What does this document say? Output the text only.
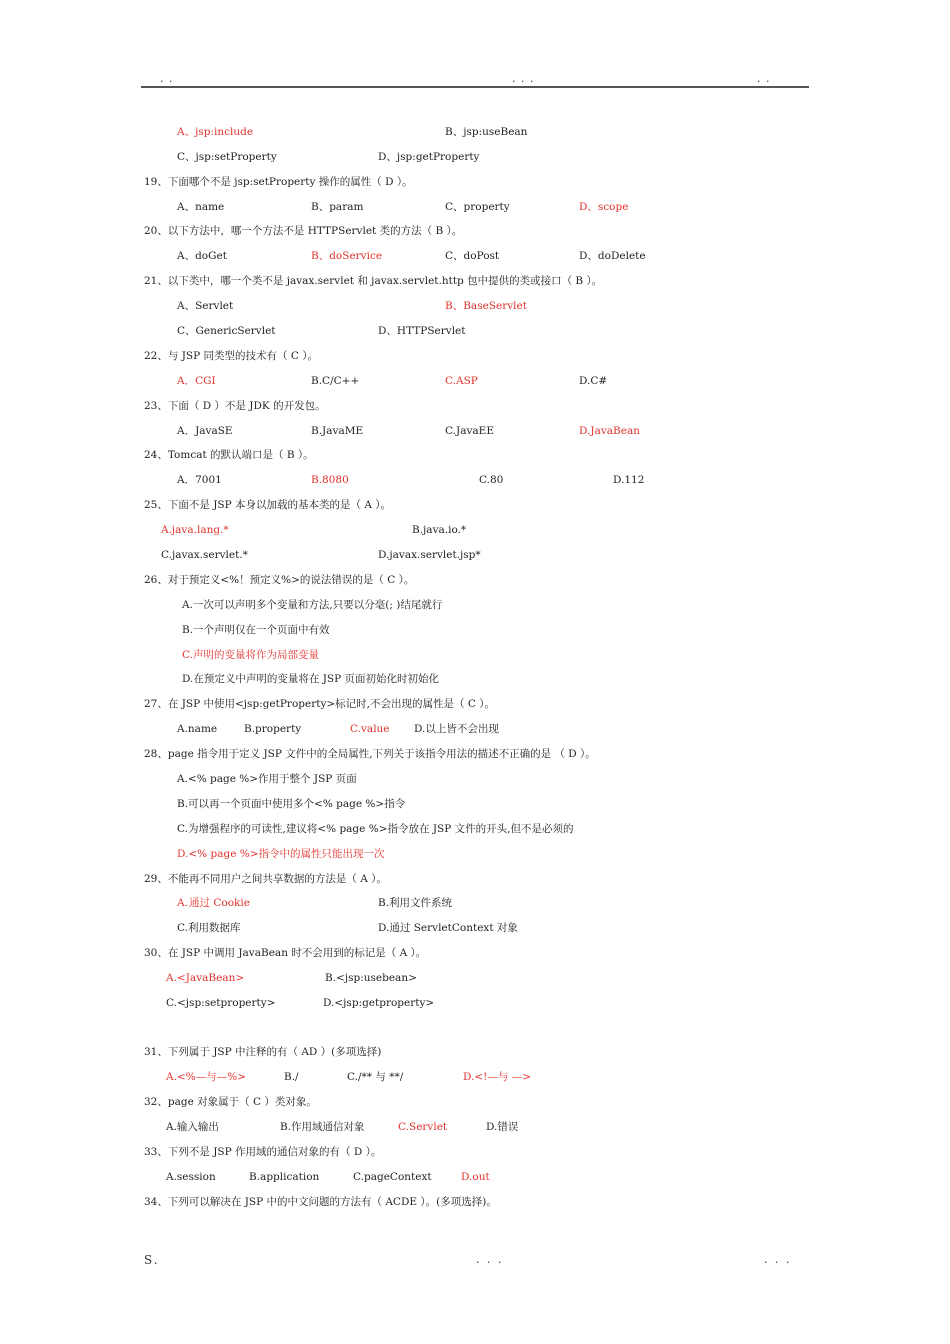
. .	. . .	. .
A、jsp:include	B、jsp:useBean
C、jsp:setProperty	D、jsp:getProperty
19、下面哪个不是 jsp:setProperty 操作的属性（ D ）。
A、name	B、param	C、property	D、scope
20、以下方法中，哪一个方法不是 HTTPServlet 类的方法（ B ）。
A、doGet	B、doService	C、doPost	D、doDelete
21、以下类中，哪一个类不是 javax.servlet 和 javax.servlet.http 包中提供的类或接口（ B ）。
A、Servlet	B、BaseServlet
C、GenericServlet	D、HTTPServlet
22、与 JSP 同类型的技术有（ C ）。
A．CGI	B.C/C++	C.ASP	D.C#
23、下面（ D ）不是 JDK 的开发包。
A．JavaSE	B.JavaME	C.JavaEE	D.JavaBean
24、Tomcat 的默认端口是（ B ）。
A．7001	B.8080	C.80	D.112
25、下面不是 JSP 本身以加载的基本类的是（ A ）。
A.java.lang.*	B.java.io.*
C.javax.servlet.*	D.javax.servlet.jsp*
26、对于预定义<%！预定义%>的说法错误的是（ C ）。
A.一次可以声明多个变量和方法,只要以分毫(; )结尾就行
B.一个声明仅在一个页面中有效
C.声明的变量将作为局部变量
D.在预定义中声明的变量将在 JSP 页面初始化时初始化
27、在 JSP 中使用<jsp:getProperty>标记时,不会出现的属性是（ C ）。
A.name	B.property	C.value D.以上皆不会出现
28、page 指令用于定义 JSP 文件中的全局属性,下列关于该指令用法的描述不正确的是 （ D ）。
A.<% page %>作用于整个 JSP 页面
B.可以再一个页面中使用多个<% page %>指令
C.为增强程序的可读性,建议将<% page %>指令放在 JSP 文件的开头,但不是必须的
D.<% page %>指令中的属性只能出现一次
29、不能再不同用户之间共享数据的方法是（ A ）。
A. 通过 Cookie	B.利用文件系统
C.利用数据库	D.通过 ServletContext 对象
30、在 JSP 中调用 JavaBean 时不会用到的标记是（ A ）。
A.<JavaBean>	B.<jsp:usebean>
C.<jsp:setproperty>	D.<jsp:getproperty>
31、下列属于 JSP 中注释的有（ AD ）(多项选择)
A.<%—与—%>	B./	C./** 与 **/	D.<!—与 —>
32、page 对象属于（ C ）类对象。
A.输入输出	B.作用域通信对象	C.Servlet	D.错误
33、下列不是 JSP 作用域的通信对象的有（ D ）。
A.session	B.application	C.pageContext	D.out
34、下列可以解决在 JSP 中的中文问题的方法有（ ACDE ）。(多项选择)。
S.	. . .	. . .
